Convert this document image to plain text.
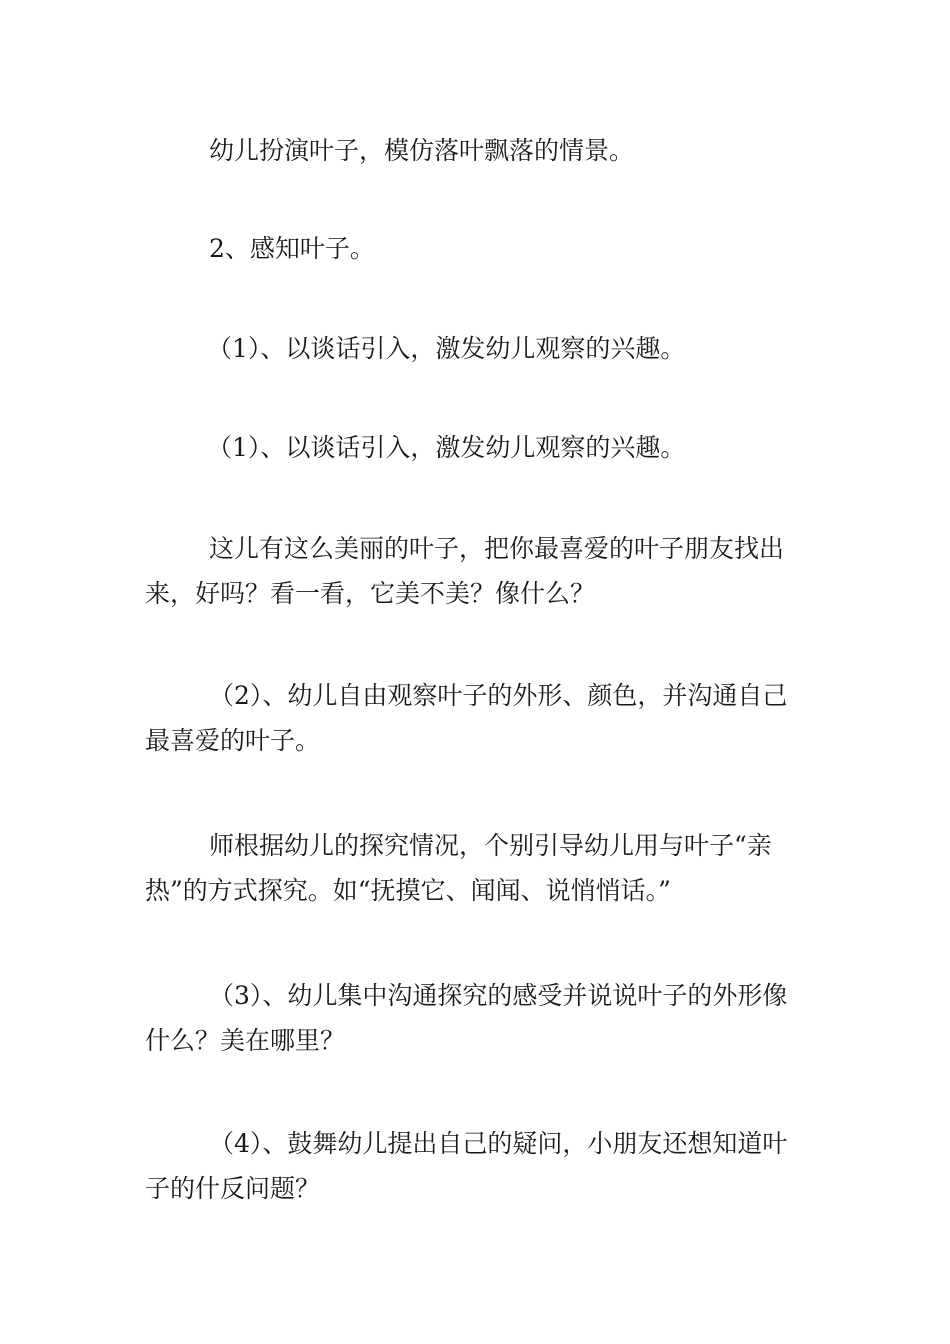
幼儿扮演叶子，模仿落叶飘落的情景。

2、感知叶子。

（1）、以谈话引入，激发幼儿观察的兴趣。

（1）、以谈话引入，激发幼儿观察的兴趣。

这儿有这么美丽的叶子，把你最喜爱的叶子朋友找出来，好吗？看一看，它美不美？像什么？

（2）、幼儿自由观察叶子的外形、颜色，并沟通自己最喜爱的叶子。

师根据幼儿的探究情况，个别引导幼儿用与叶子“亲热”的方式探究。如“抚摸它、闻闻、说悄悄话。”

（3）、幼儿集中沟通探究的感受并说说叶子的外形像什么？美在哪里？

（4）、鼓舞幼儿提出自己的疑问，小朋友还想知道叶子的什反问题？
